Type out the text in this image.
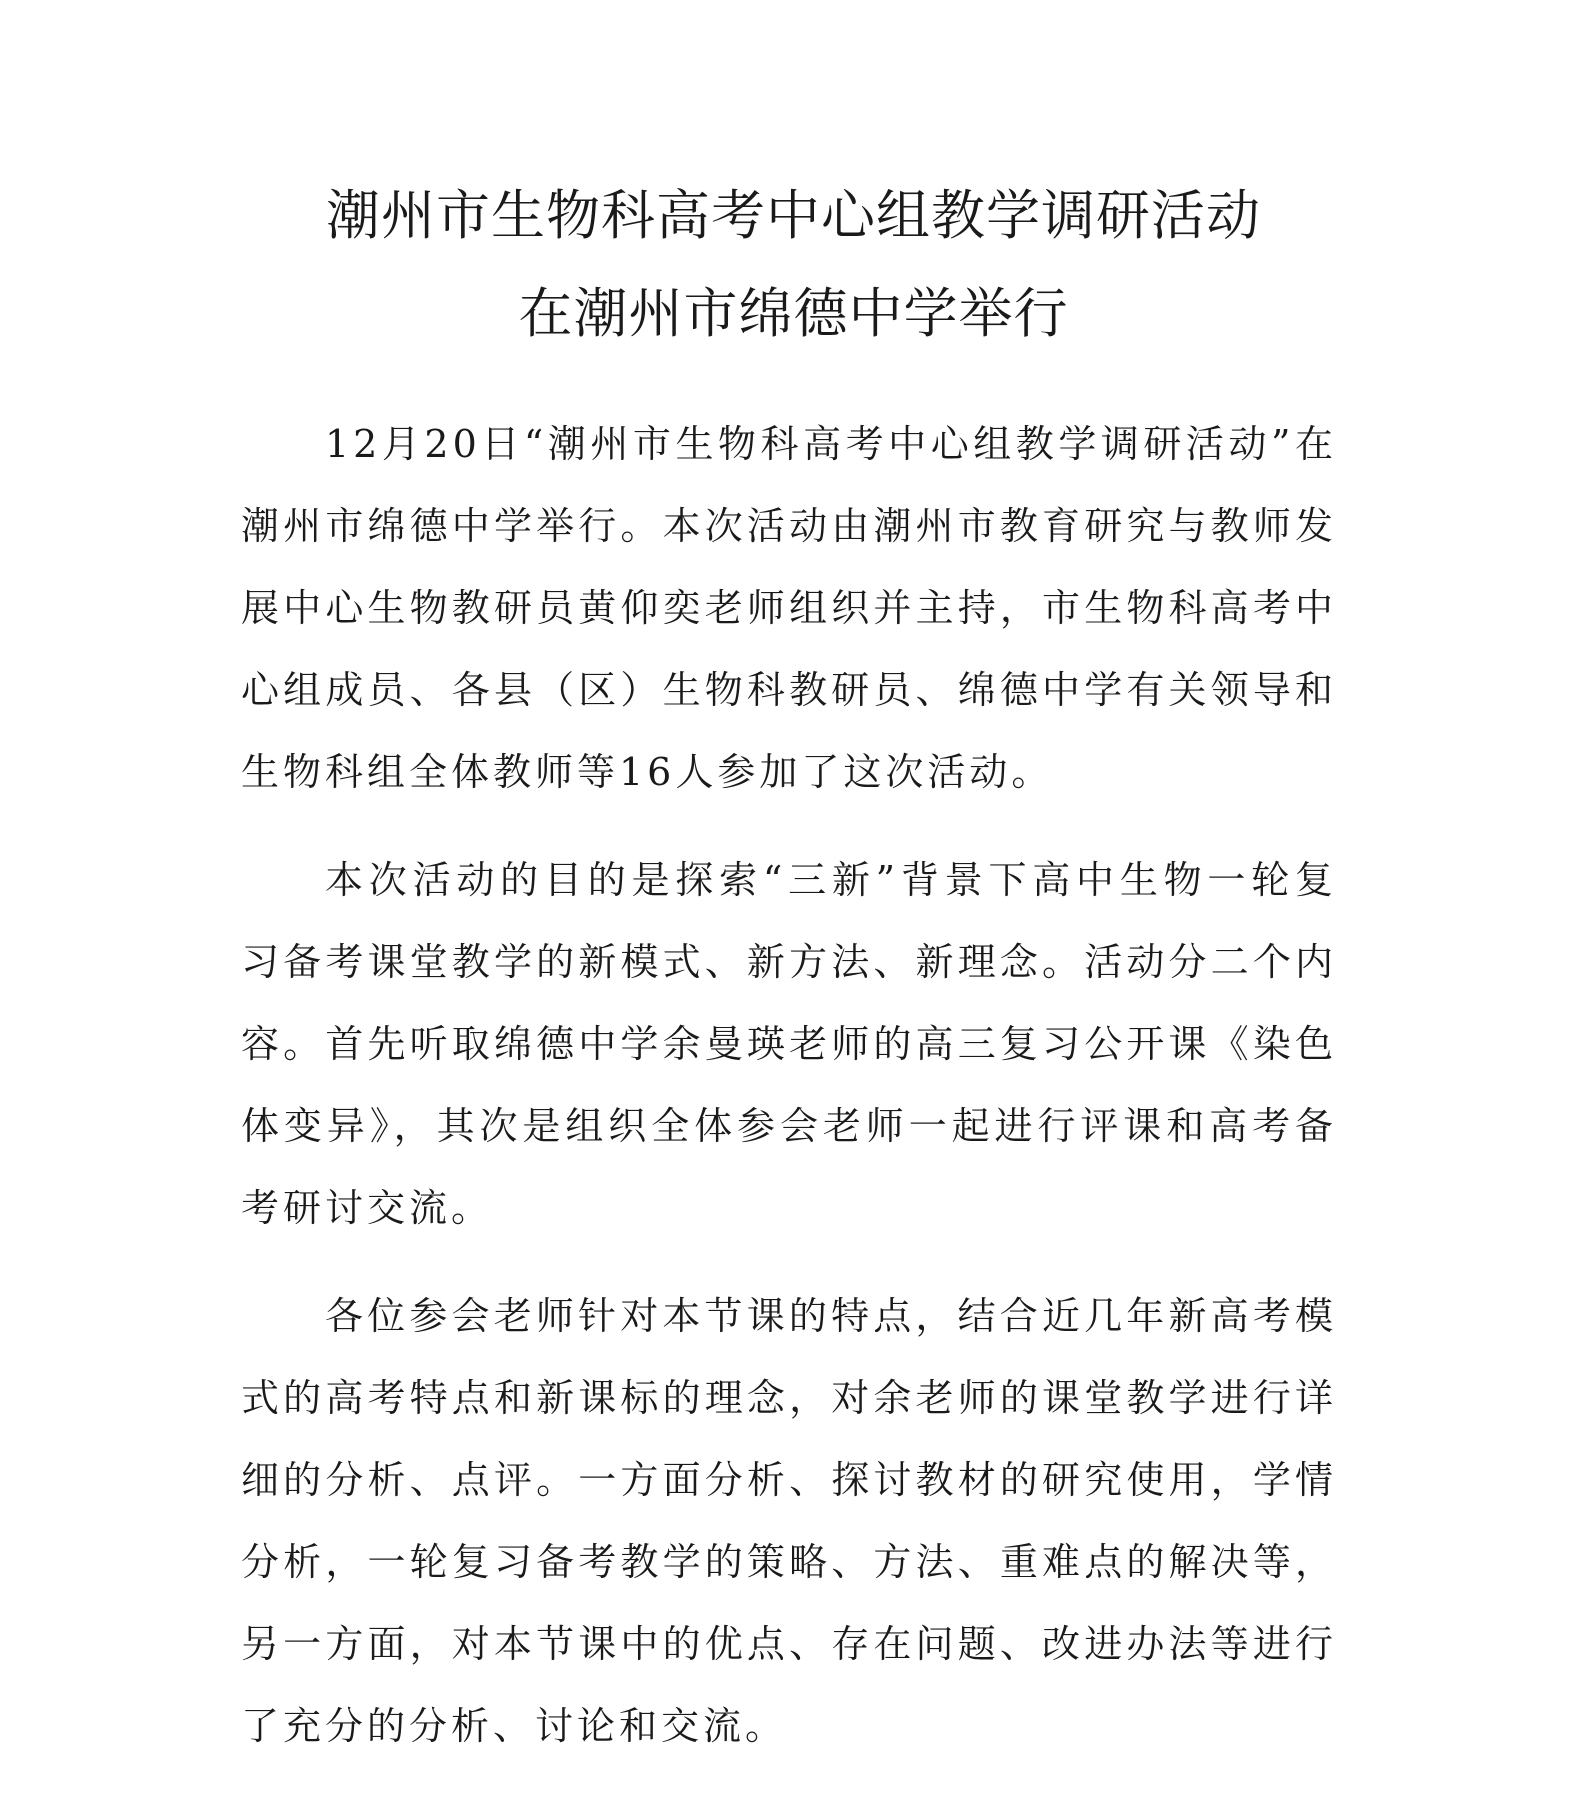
潮州市生物科高考中心组教学调研活动
在潮州市绵德中学举行

12月20日“潮州市生物科高考中心组教学调研活动”在潮州市绵德中学举行。本次活动由潮州市教育研究与教师发展中心生物教研员黄仰奕老师组织并主持，市生物科高考中心组成员、各县（区）生物科教研员、绵德中学有关领导和生物科组全体教师等16人参加了这次活动。

本次活动的目的是探索“三新”背景下高中生物一轮复习备考课堂教学的新模式、新方法、新理念。活动分二个内容。首先听取绵德中学余曼瑛老师的高三复习公开课《染色体变异》，其次是组织全体参会老师一起进行评课和高考备考研讨交流。

各位参会老师针对本节课的特点，结合近几年新高考模式的高考特点和新课标的理念，对余老师的课堂教学进行详细的分析、点评。一方面分析、探讨教材的研究使用，学情分析，一轮复习备考教学的策略、方法、重难点的解决等，另一方面，对本节课中的优点、存在问题、改进办法等进行了充分的分析、讨论和交流。
